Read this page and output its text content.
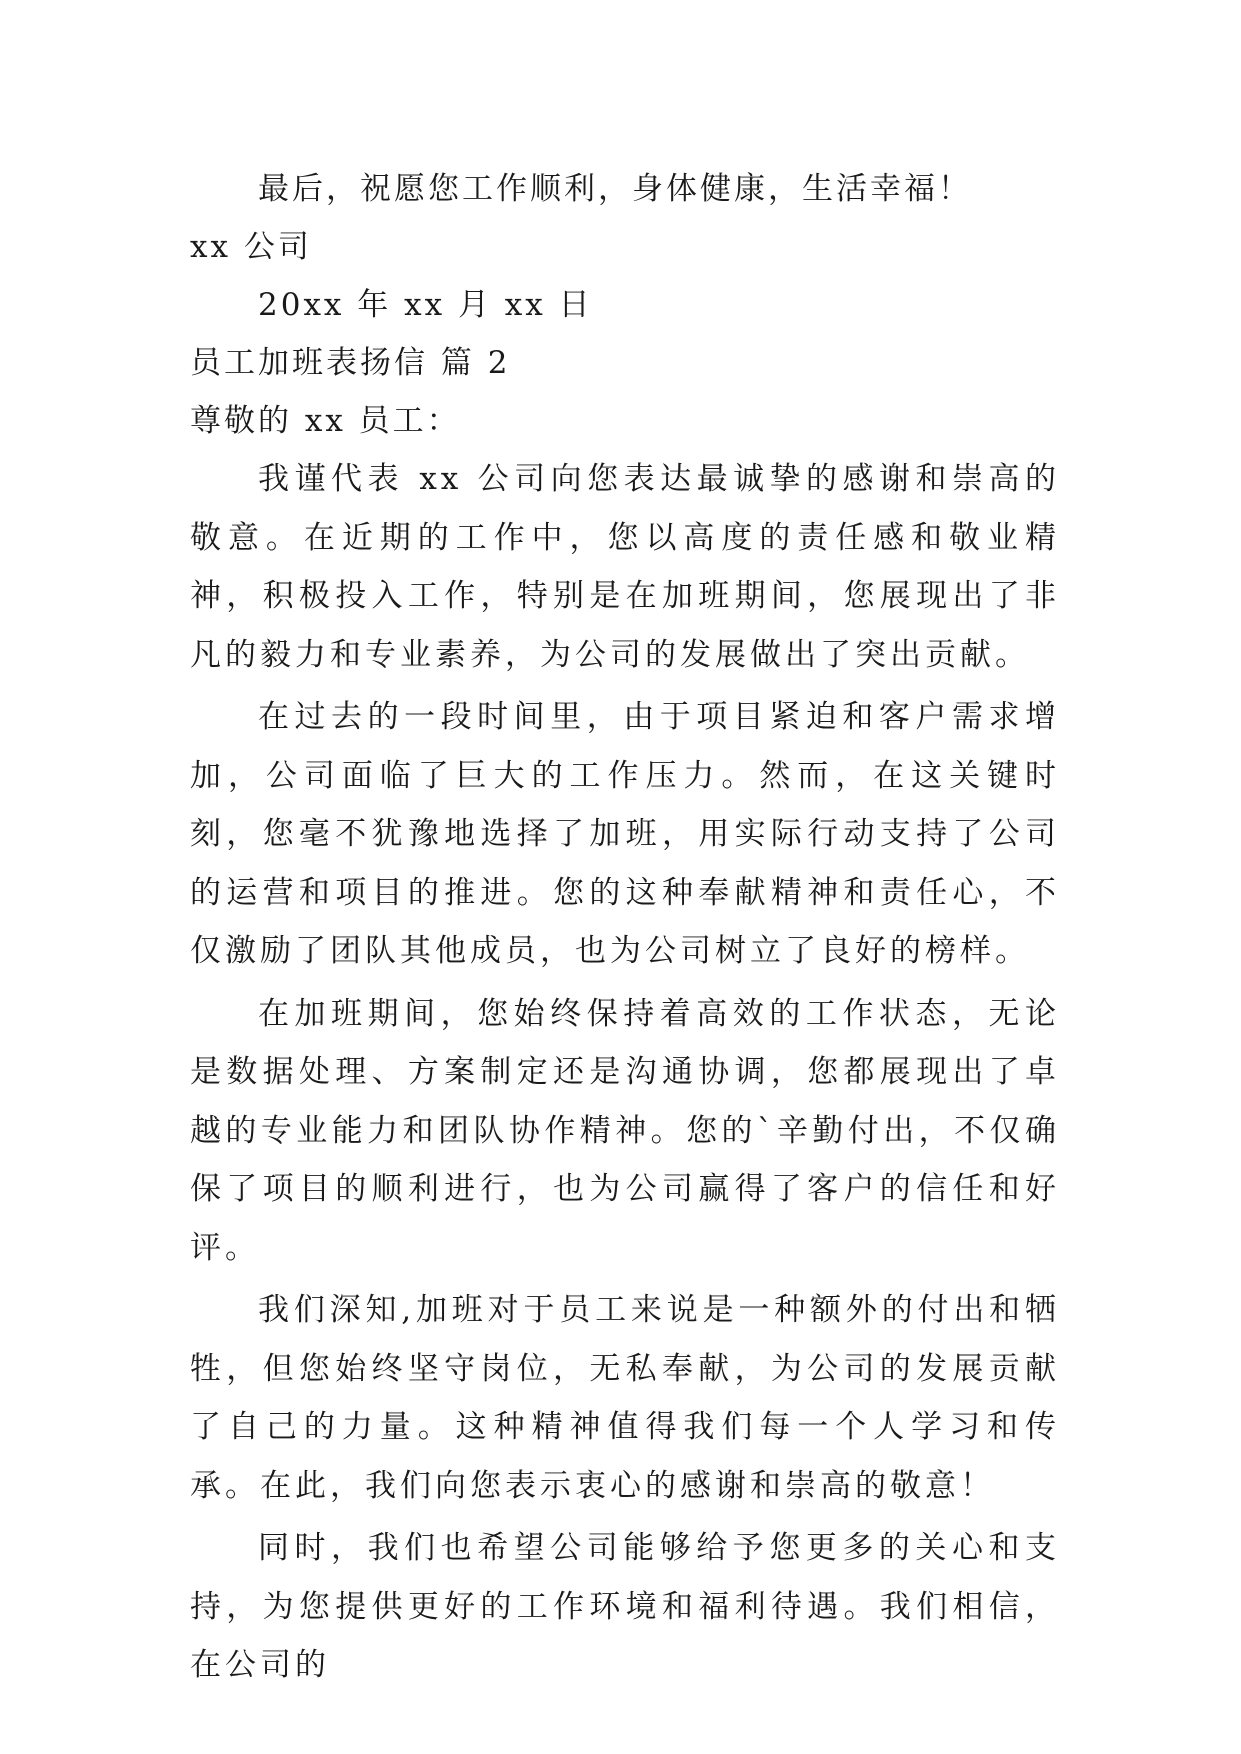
最后，祝愿您工作顺利，身体健康，生活幸福！

xx 公司

20xx 年 xx 月 xx 日

员工加班表扬信 篇 2

尊敬的 xx 员工：

我谨代表 xx 公司向您表达最诚挚的感谢和崇高的敬意。在近期的工作中，您以高度的责任感和敬业精神，积极投入工作，特别是在加班期间，您展现出了非凡的毅力和专业素养，为公司的发展做出了突出贡献。

在过去的一段时间里，由于项目紧迫和客户需求增加，公司面临了巨大的工作压力。然而，在这关键时刻，您毫不犹豫地选择了加班，用实际行动支持了公司的运营和项目的推进。您的这种奉献精神和责任心，不仅激励了团队其他成员，也为公司树立了良好的榜样。

在加班期间，您始终保持着高效的工作状态，无论是数据处理、方案制定还是沟通协调，您都展现出了卓越的专业能力和团队协作精神。您的`辛勤付出，不仅确保了项目的顺利进行，也为公司赢得了客户的信任和好评。

我们深知,加班对于员工来说是一种额外的付出和牺牲，但您始终坚守岗位，无私奉献，为公司的发展贡献了自己的力量。这种精神值得我们每一个人学习和传承。在此，我们向您表示衷心的感谢和崇高的敬意！

同时，我们也希望公司能够给予您更多的关心和支持，为您提供更好的工作环境和福利待遇。我们相信，在公司的
